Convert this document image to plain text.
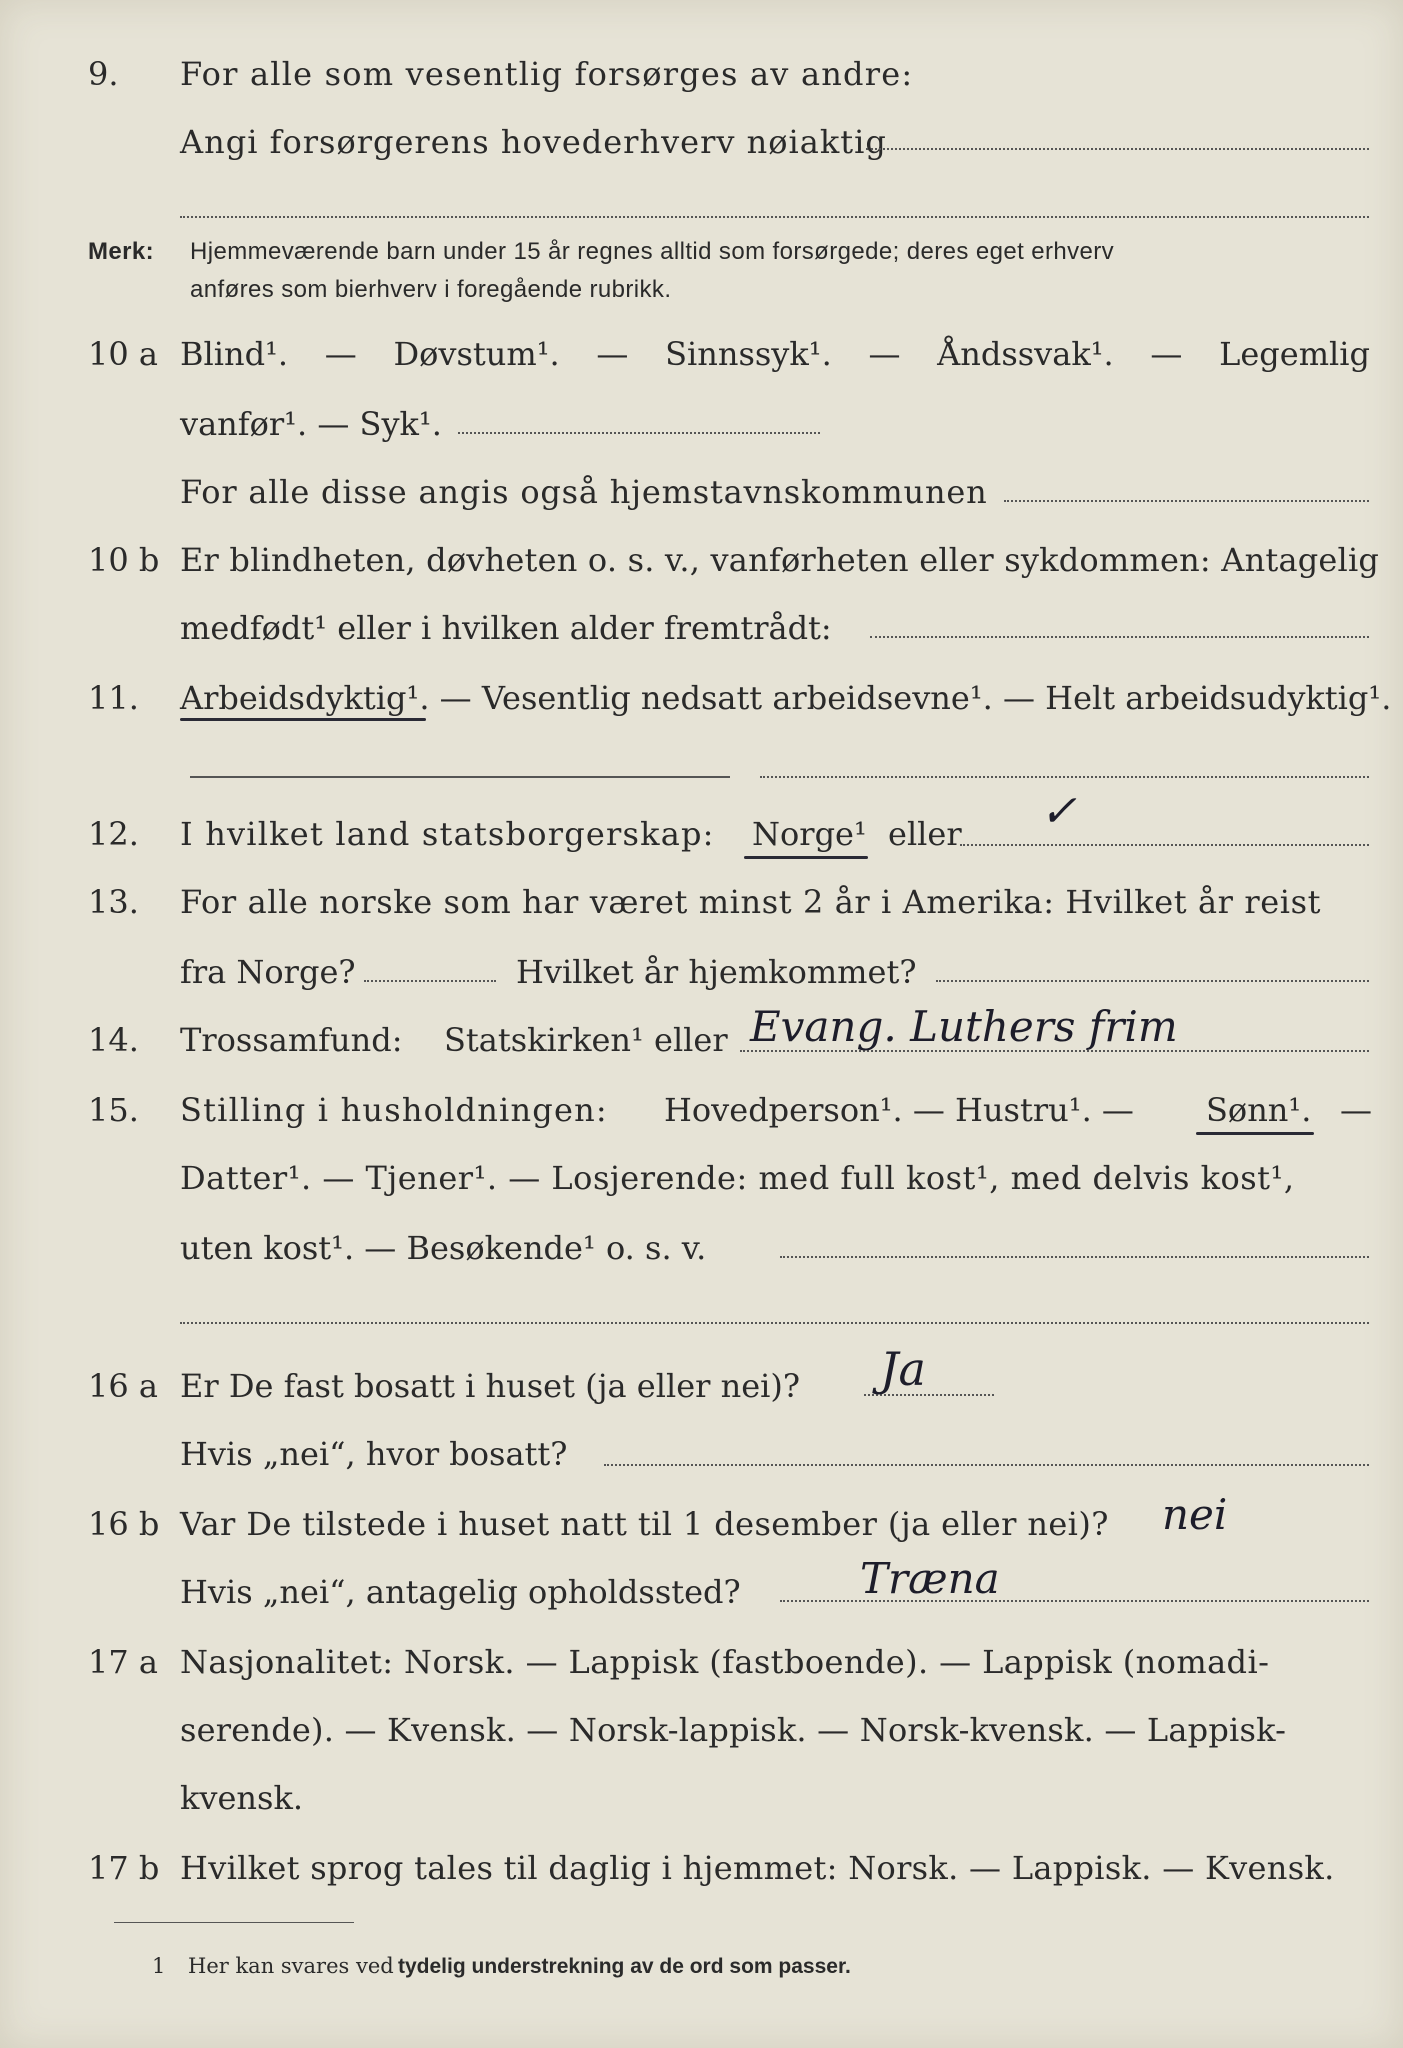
9. For alle som vesentlig forsørges av andre:
Angi forsørgerens hovederhverv nøiaktig
Merk: Hjemmeværende barn under 15 år regnes alltid som forsørgede; deres eget erhverv
anføres som bierhverv i foregående rubrikk.
10 a Blind¹. — Døvstum¹. — Sinnssyk¹. — Åndssvak¹. — Legemlig
vanfør¹. — Syk¹.
For alle disse angis også hjemstavnskommunen
10 b Er blindheten, døvheten o. s. v., vanførheten eller sykdommen: Antagelig
medfødt¹ eller i hvilken alder fremtrådt:
11. Arbeidsdyktig¹. — Vesentlig nedsatt arbeidsevne¹. — Helt arbeidsudyktig¹.
12. I hvilket land statsborgerskap: Norge¹ eller ✓
13. For alle norske som har været minst 2 år i Amerika: Hvilket år reist
fra Norge?	Hvilket år hjemkommet?
14. Trossamfund: Statskirken¹ eller Evang. Luthers frim
15. Stilling i husholdningen: Hovedperson¹. — Hustru¹. — Sønn¹. —
Datter¹. — Tjener¹. — Losjerende: med full kost¹, med delvis kost¹,
uten kost¹. — Besøkende¹ o. s. v.
16 a Er De fast bosatt i huset (ja eller nei)? Ja
Hvis „nei“, hvor bosatt?
16 b Var De tilstede i huset natt til 1 desember (ja eller nei)? nei
Hvis „nei“, antagelig opholdssted?	Træna
17 a Nasjonalitet: Norsk. — Lappisk (fastboende). — Lappisk (nomadi-
serende). — Kvensk. — Norsk-lappisk. — Norsk-kvensk. — Lappisk-
kvensk.
17 b Hvilket sprog tales til daglig i hjemmet: Norsk. — Lappisk. — Kvensk.
1 Her kan svares ved tydelig understrekning av de ord som passer.
